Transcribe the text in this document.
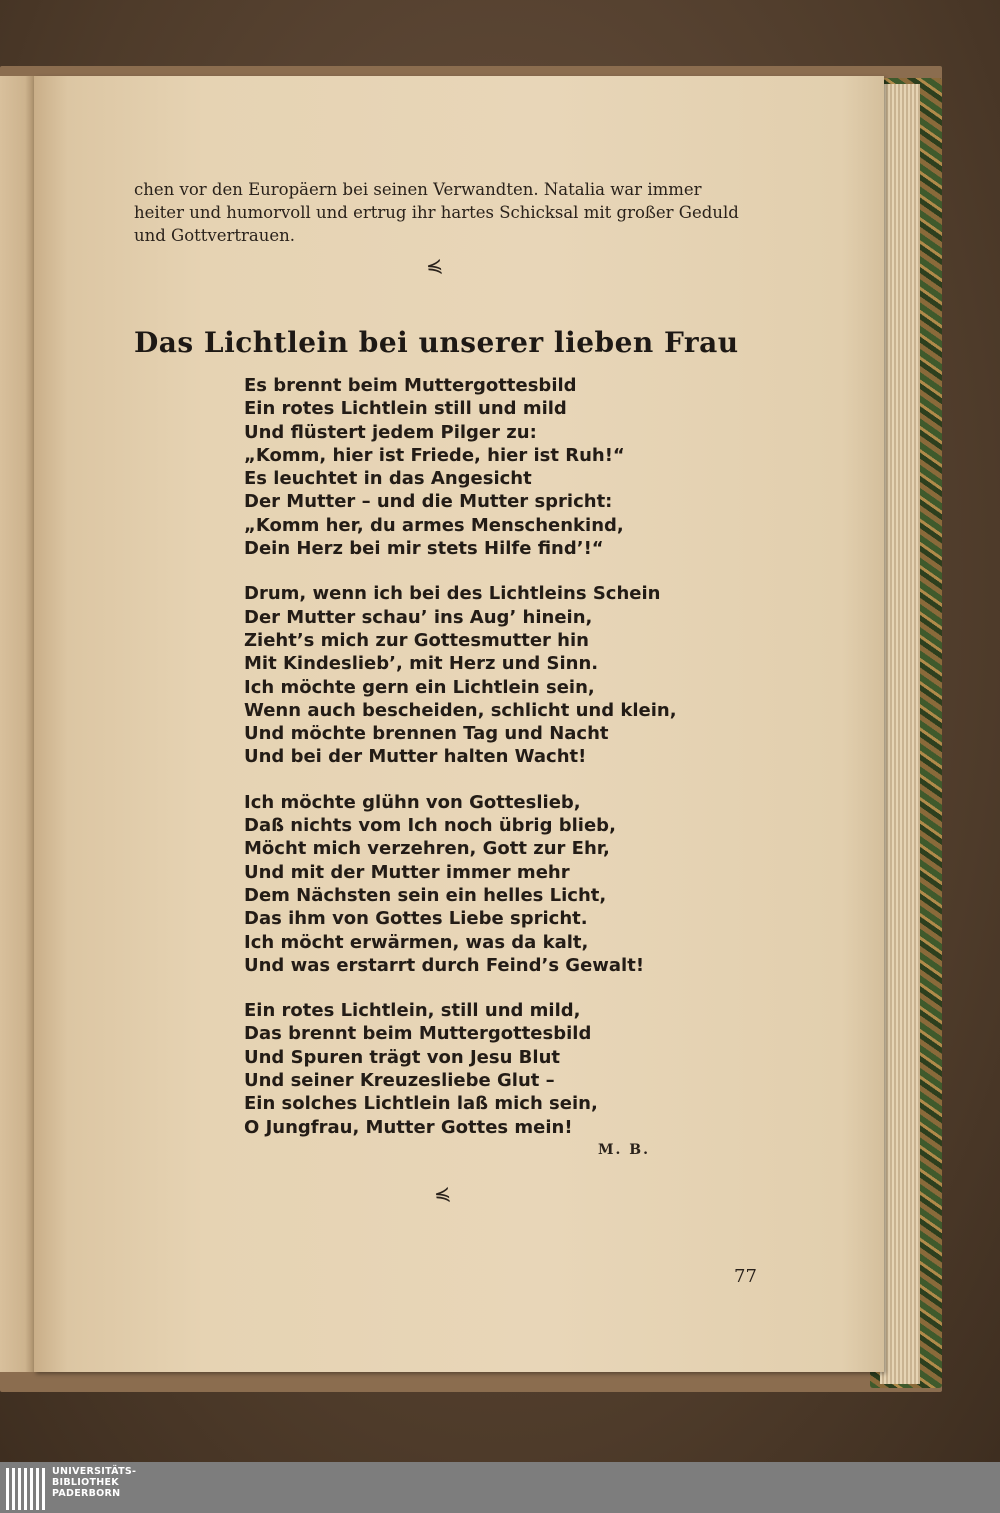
chen vor den Europäern bei seinen Verwandten. Natalia war immer
heiter und humorvoll und ertrug ihr hartes Schicksal mit großer Geduld
und Gottvertrauen.
≼
Das Lichtlein bei unserer lieben Frau
Es brennt beim Muttergottesbild
Ein rotes Lichtlein still und mild
Und flüstert jedem Pilger zu:
„Komm, hier ist Friede, hier ist Ruh!“
Es leuchtet in das Angesicht
Der Mutter – und die Mutter spricht:
„Komm her, du armes Menschenkind,
Dein Herz bei mir stets Hilfe find’!“
Drum, wenn ich bei des Lichtleins Schein
Der Mutter schau’ ins Aug’ hinein,
Zieht’s mich zur Gottesmutter hin
Mit Kindeslieb’, mit Herz und Sinn.
Ich möchte gern ein Lichtlein sein,
Wenn auch bescheiden, schlicht und klein,
Und möchte brennen Tag und Nacht
Und bei der Mutter halten Wacht!
Ich möchte glühn von Gotteslieb,
Daß nichts vom Ich noch übrig blieb,
Möcht mich verzehren, Gott zur Ehr,
Und mit der Mutter immer mehr
Dem Nächsten sein ein helles Licht,
Das ihm von Gottes Liebe spricht.
Ich möcht erwärmen, was da kalt,
Und was erstarrt durch Feind’s Gewalt!
Ein rotes Lichtlein, still und mild,
Das brennt beim Muttergottesbild
Und Spuren trägt von Jesu Blut
Und seiner Kreuzesliebe Glut –
Ein solches Lichtlein laß mich sein,
O Jungfrau, Mutter Gottes mein!
M. B.
≼
77
UNIVERSITÄTS-
BIBLIOTHEK
PADERBORN
